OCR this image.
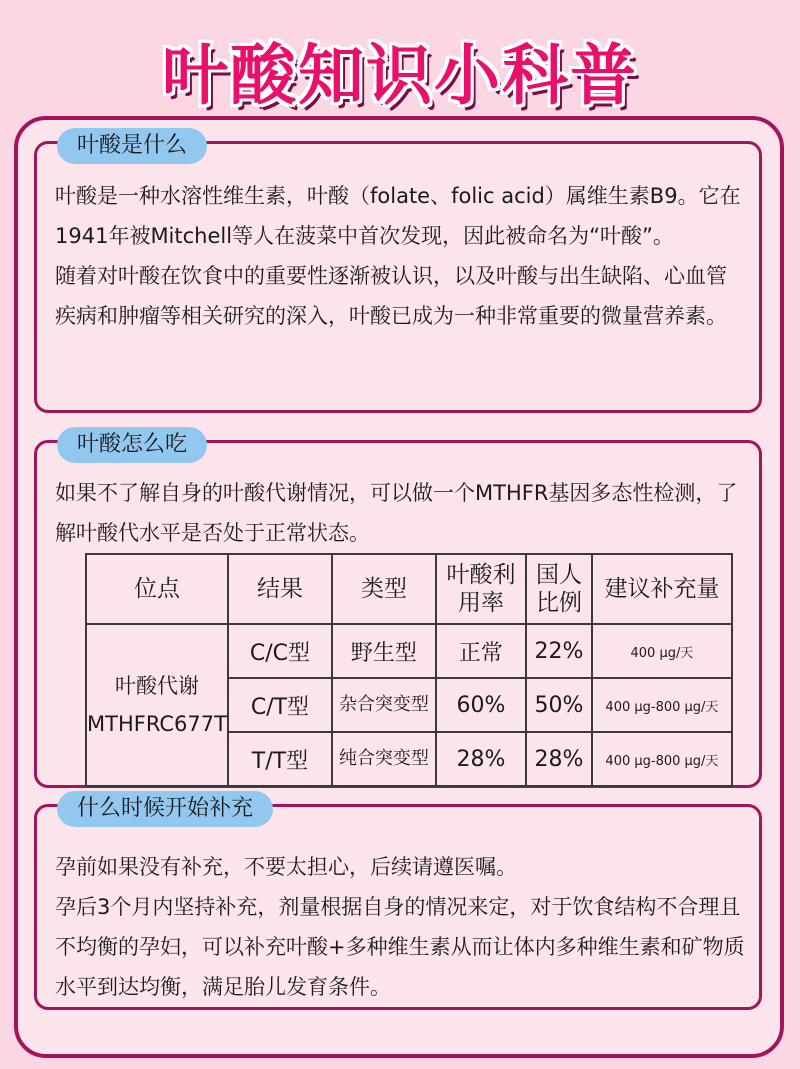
叶酸知识小科普
叶酸是什么

叶酸是一种水溶性维生素，叶酸（folate、folic acid）属维生素B9。它在1941年被Mitchell等人在菠菜中首次发现，因此被命名为“叶酸”。

随着对叶酸在饮食中的重要性逐渐被认识，以及叶酸与出生缺陷、心血管疾病和肿瘤等相关研究的深入，叶酸已成为一种非常重要的微量营养素。

叶酸怎么吃

如果不了解自身的叶酸代谢情况，可以做一个MTHFR基因多态性检测，了解叶酸代水平是否处于正常状态。

位点	结果	类型	叶酸利用率	国人比例	建议补充量
叶酸代谢MTHFRC677T	C/C型	野生型	正常	22%	400 μg/天
	C/T型	杂合突变型	60%	50%	400 μg-800 μg/天
	T/T型	纯合突变型	28%	28%	400 μg-800 μg/天
什么时候开始补充

孕前如果没有补充，不要太担心，后续请遵医嘱。

孕后3个月内坚持补充，剂量根据自身的情况来定，对于饮食结构不合理且不均衡的孕妇，可以补充叶酸+多种维生素从而让体内多种维生素和矿物质水平到达均衡，满足胎儿发育条件。
